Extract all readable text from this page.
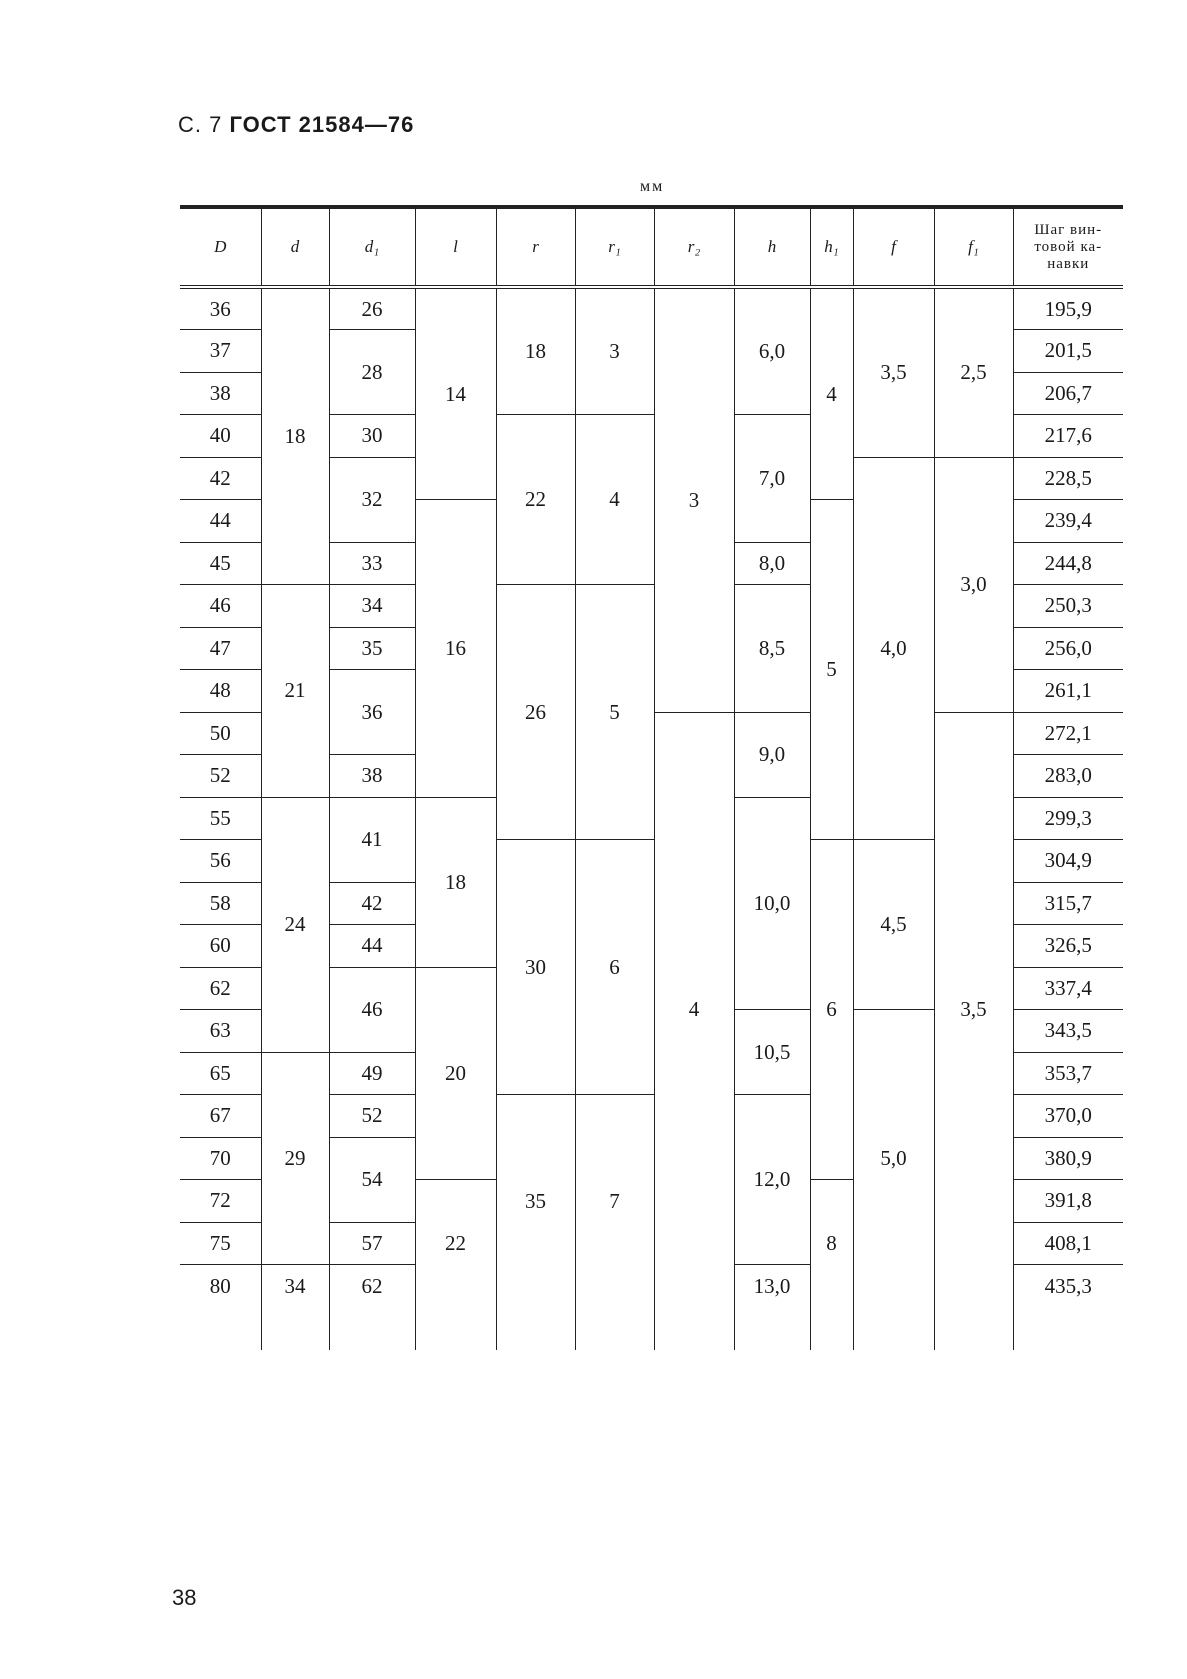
С. 7 ГОСТ 21584—76
мм
D	d	d₁	l	r	r₁	r₂	h	h₁	f	f₁	Шаг вин-товой ка-навки
36	18	26	14	18	3	3	6,0	4	3,5	2,5	195,9
37		28									201,5
38											206,7
40		30		22	4		7,0				217,6
42		32							4,0	3,0	228,5
44			16					5			239,4
45		33					8,0				244,8
46	21	34		26	5		8,5				250,3
47		35									256,0
48		36									261,1
50						4	9,0			3,5	272,1
52		38									283,0
55	24	41	18				10,0				299,3
56				30	6			6	4,5		304,9
58		42									315,7
60		44									326,5
62		46	20								337,4
63							10,5		5,0		343,5
65	29	49									353,7
67		52		35	7		12,0				370,0
70		54									380,9
72			22					8			391,8
75		57									408,1
80	34	62					13,0				435,3

38
